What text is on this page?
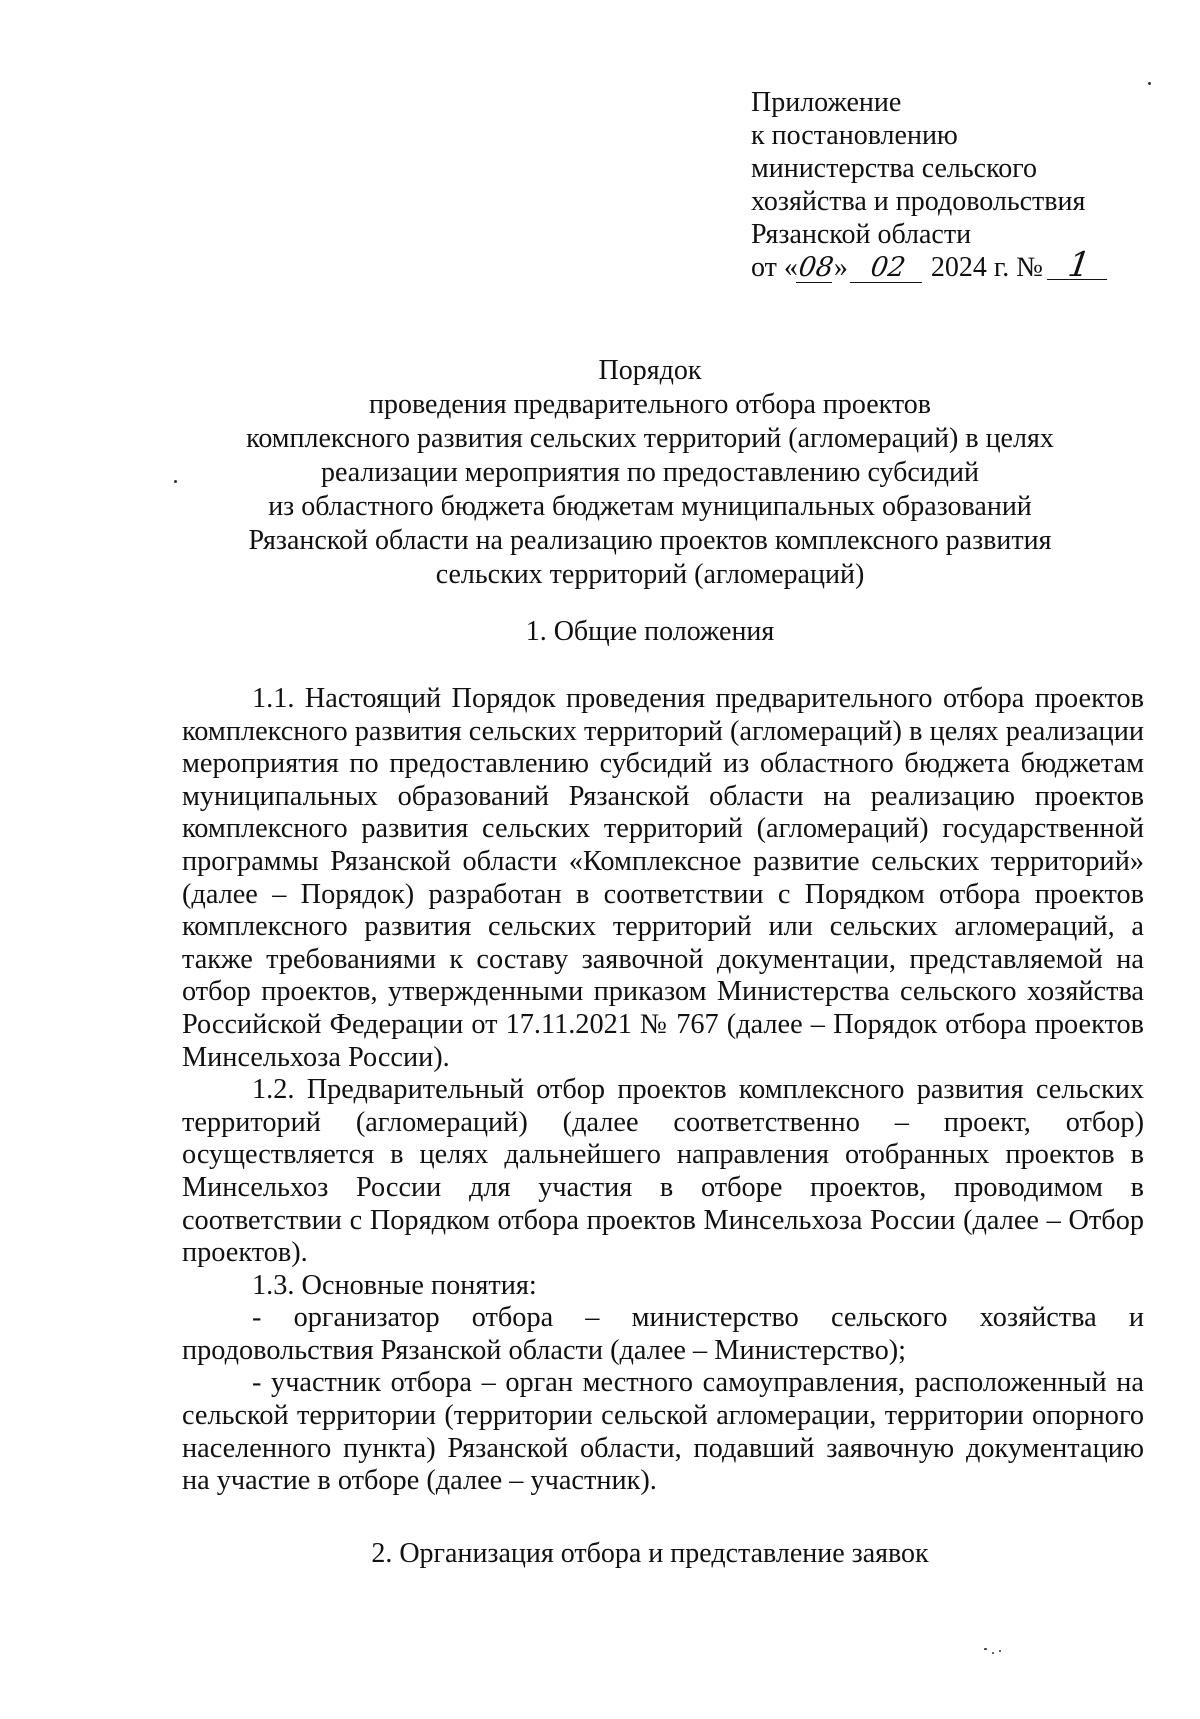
Приложение
к постановлению
министерства сельского
хозяйства и продовольствия
Рязанской области
от «08» 02 2024 г. № 1
Порядок
проведения предварительного отбора проектов
комплексного развития сельских территорий (агломераций) в целях
реализации мероприятия по предоставлению субсидий
из областного бюджета бюджетам муниципальных образований
Рязанской области на реализацию проектов комплексного развития
сельских территорий (агломераций)
1. Общие положения

1.1. Настоящий Порядок проведения предварительного отбора проектов комплексного развития сельских территорий (агломераций) в целях реализации мероприятия по предоставлению субсидий из областного бюджета бюджетам муниципальных образований Рязанской области на реализацию проектов комплексного развития сельских территорий (агломераций) государственной программы Рязанской области «Комплексное развитие сельских территорий» (далее – Порядок) разработан в соответствии с Порядком отбора проектов комплексного развития сельских территорий или сельских агломераций, а также требованиями к составу заявочной документации, представляемой на отбор проектов, утвержденными приказом Министерства сельского хозяйства Российской Федерации от 17.11.2021 № 767 (далее – Порядок отбора проектов Минсельхоза России).

1.2. Предварительный отбор проектов комплексного развития сельских территорий (агломераций) (далее соответственно – проект, отбор) осуществляется в целях дальнейшего направления отобранных проектов в Минсельхоз России для участия в отборе проектов, проводимом в соответствии с Порядком отбора проектов Минсельхоза России (далее – Отбор проектов).

1.3. Основные понятия:

- организатор отбора – министерство сельского хозяйства и продовольствия Рязанской области (далее – Министерство);

- участник отбора – орган местного самоуправления, расположенный на сельской территории (территории сельской агломерации, территории опорного населенного пункта) Рязанской области, подавший заявочную документацию на участие в отборе (далее – участник).

2. Организация отбора и представление заявок
